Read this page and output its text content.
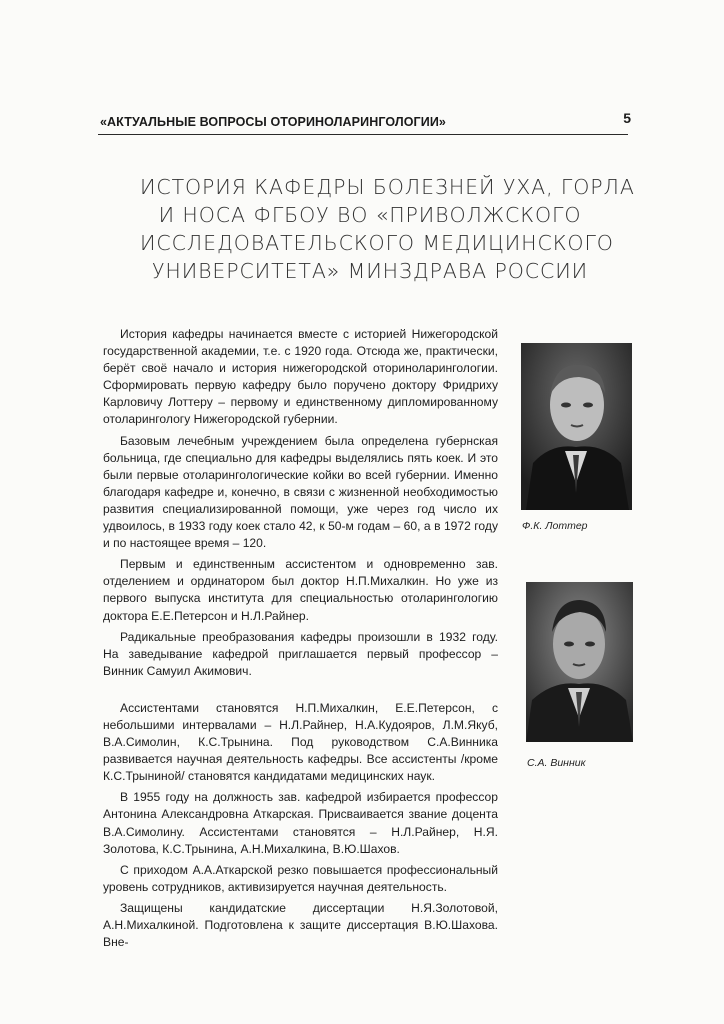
«АКТУАЛЬНЫЕ ВОПРОСЫ ОТОРИНОЛАРИНГОЛОГИИ»	5
ИСТОРИЯ КАФЕДРЫ БОЛЕЗНЕЙ УХА, ГОРЛА
И НОСА ФГБОУ ВО «ПРИВОЛЖСКОГО
ИССЛЕДОВАТЕЛЬСКОГО МЕДИЦИНСКОГО
УНИВЕРСИТЕТА» МИНЗДРАВА РОССИИ

История кафедры начинается вместе с историей Нижегородской государственной академии, т.е. с 1920 года. Отсюда же, практически, берёт своё начало и история нижегородской оториноларингологии. Сформировать первую кафедру было поручено доктору Фридриху Карловичу Лоттеру – первому и единственному дипломированному отоларингологу Нижегородской губернии.

Базовым лечебным учреждением была определена губернская больница, где специально для кафедры выделялись пять коек. И это были первые отоларингологические койки во всей губернии. Именно благодаря кафедре и, конечно, в связи с жизненной необходимостью развития специализированной помощи, уже через год число их удвоилось, в 1933 году коек стало 42, к 50-м годам – 60, а в 1972 году и по настоящее время – 120.

Первым и единственным ассистентом и одновременно зав. отделением и ординатором был доктор Н.П.Михалкин. Но уже из первого выпуска института для специальностью отоларингологию доктора Е.Е.Петерсон и Н.Л.Райнер.

Радикальные преобразования кафедры произошли в 1932 году. На заведывание кафедрой приглашается первый профессор – Винник Самуил Акимович.

Ассистентами становятся Н.П.Михалкин, Е.Е.Петерсон, с небольшими интервалами – Н.Л.Райнер, Н.А.Кудояров, Л.М.Якуб, В.А.Симолин, К.С.Трынина. Под руководством С.А.Винника развивается научная деятельность кафедры. Все ассистенты /кроме К.С.Трыниной/ становятся кандидатами медицинских наук.

В 1955 году на должность зав. кафедрой избирается профессор Антонина Александровна Аткарская. Присваивается звание доцента В.А.Симолину. Ассистентами становятся – Н.Л.Райнер, Н.Я. Золотова, К.С.Трынина, А.Н.Михалкина, В.Ю.Шахов.

С приходом А.А.Аткарской резко повышается профессиональный уровень сотрудников, активизируется научная деятельность.

Защищены кандидатские диссертации Н.Я.Золотовой, А.Н.Михалкиной. Подготовлена к защите диссертация В.Ю.Шахова. Вне-

Ф.К. Лоттер
С.А. Винник
